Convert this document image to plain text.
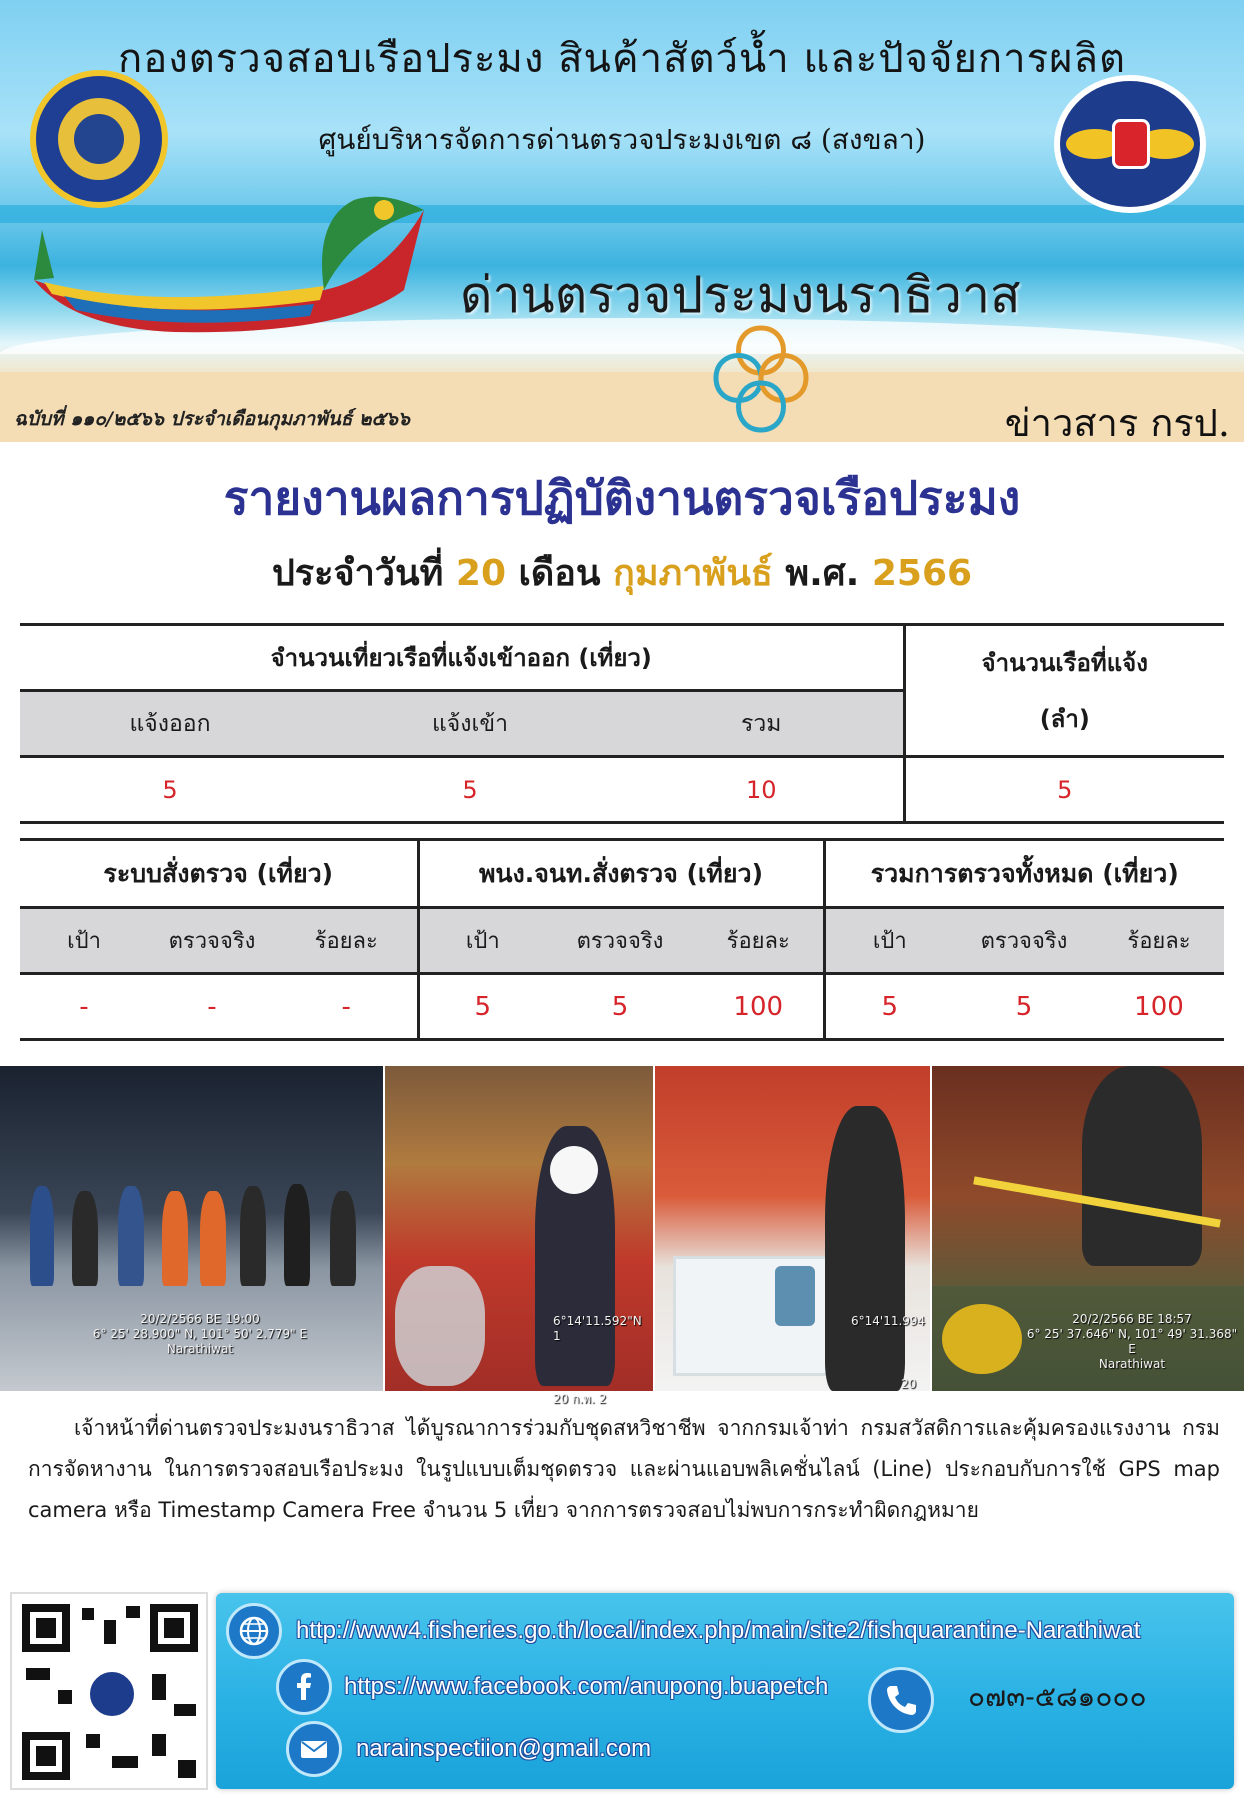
กองตรวจสอบเรือประมง สินค้าสัตว์น้ำ และปัจจัยการผลิต
ศูนย์บริหารจัดการด่านตรวจประมงเขต ๘ (สงขลา)
ด่านตรวจประมงนราธิวาส
ฉบับที่ ๑๑๐/๒๕๖๖ ประจำเดือนกุมภาพันธ์ ๒๕๖๖	ข่าวสาร กรป.
รายงานผลการปฏิบัติงานตรวจเรือประมง
ประจำวันที่ 20 เดือน กุมภาพันธ์ พ.ศ. 2566
จำนวนเที่ยวเรือที่แจ้งเข้าออก (เที่ยว)			จำนวนเรือที่แจ้ง
(ลำ)

แจ้งออก	แจ้งเข้า	รวม	
5	5	10	5
ระบบสั่งตรวจ (เที่ยว)			พนง.จนท.สั่งตรวจ (เที่ยว)			รวมการตรวจทั้งหมด (เที่ยว)		
เป้า	ตรวจจริง	ร้อยละ	เป้า	ตรวจจริง	ร้อยละ	เป้า	ตรวจจริง	ร้อยละ
-	-	-	5	5	100	5	5	100
20/2/2566 BE 19:00
6° 25' 28.900" N, 101° 50' 2.779" E
Narathiwat
6°14'11.592"N 1
20 ก.พ. 2
6°14'11.994
20
20/2/2566 BE 18:57
6° 25' 37.646" N, 101° 49' 31.368" E
Narathiwat
เจ้าหน้าที่ด่านตรวจประมงนราธิวาส ได้บูรณาการร่วมกับชุดสหวิชาชีพ จากกรมเจ้าท่า กรมสวัสดิการและคุ้มครองแรงงาน กรมการจัดหางาน ในการตรวจสอบเรือประมง ในรูปแบบเต็มชุดตรวจ และผ่านแอบพลิเคชั่นไลน์ (Line) ประกอบกับการใช้ GPS map camera หรือ Timestamp Camera Free จำนวน 5 เที่ยว จากการตรวจสอบไม่พบการกระทำผิดกฎหมาย
http://www4.fisheries.go.th/local/index.php/main/site2/fishquarantine-Narathiwat
https://www.facebook.com/anupong.buapetch
narainspectiion@gmail.com
๐๗๓-๕๘๑๐๐๐
